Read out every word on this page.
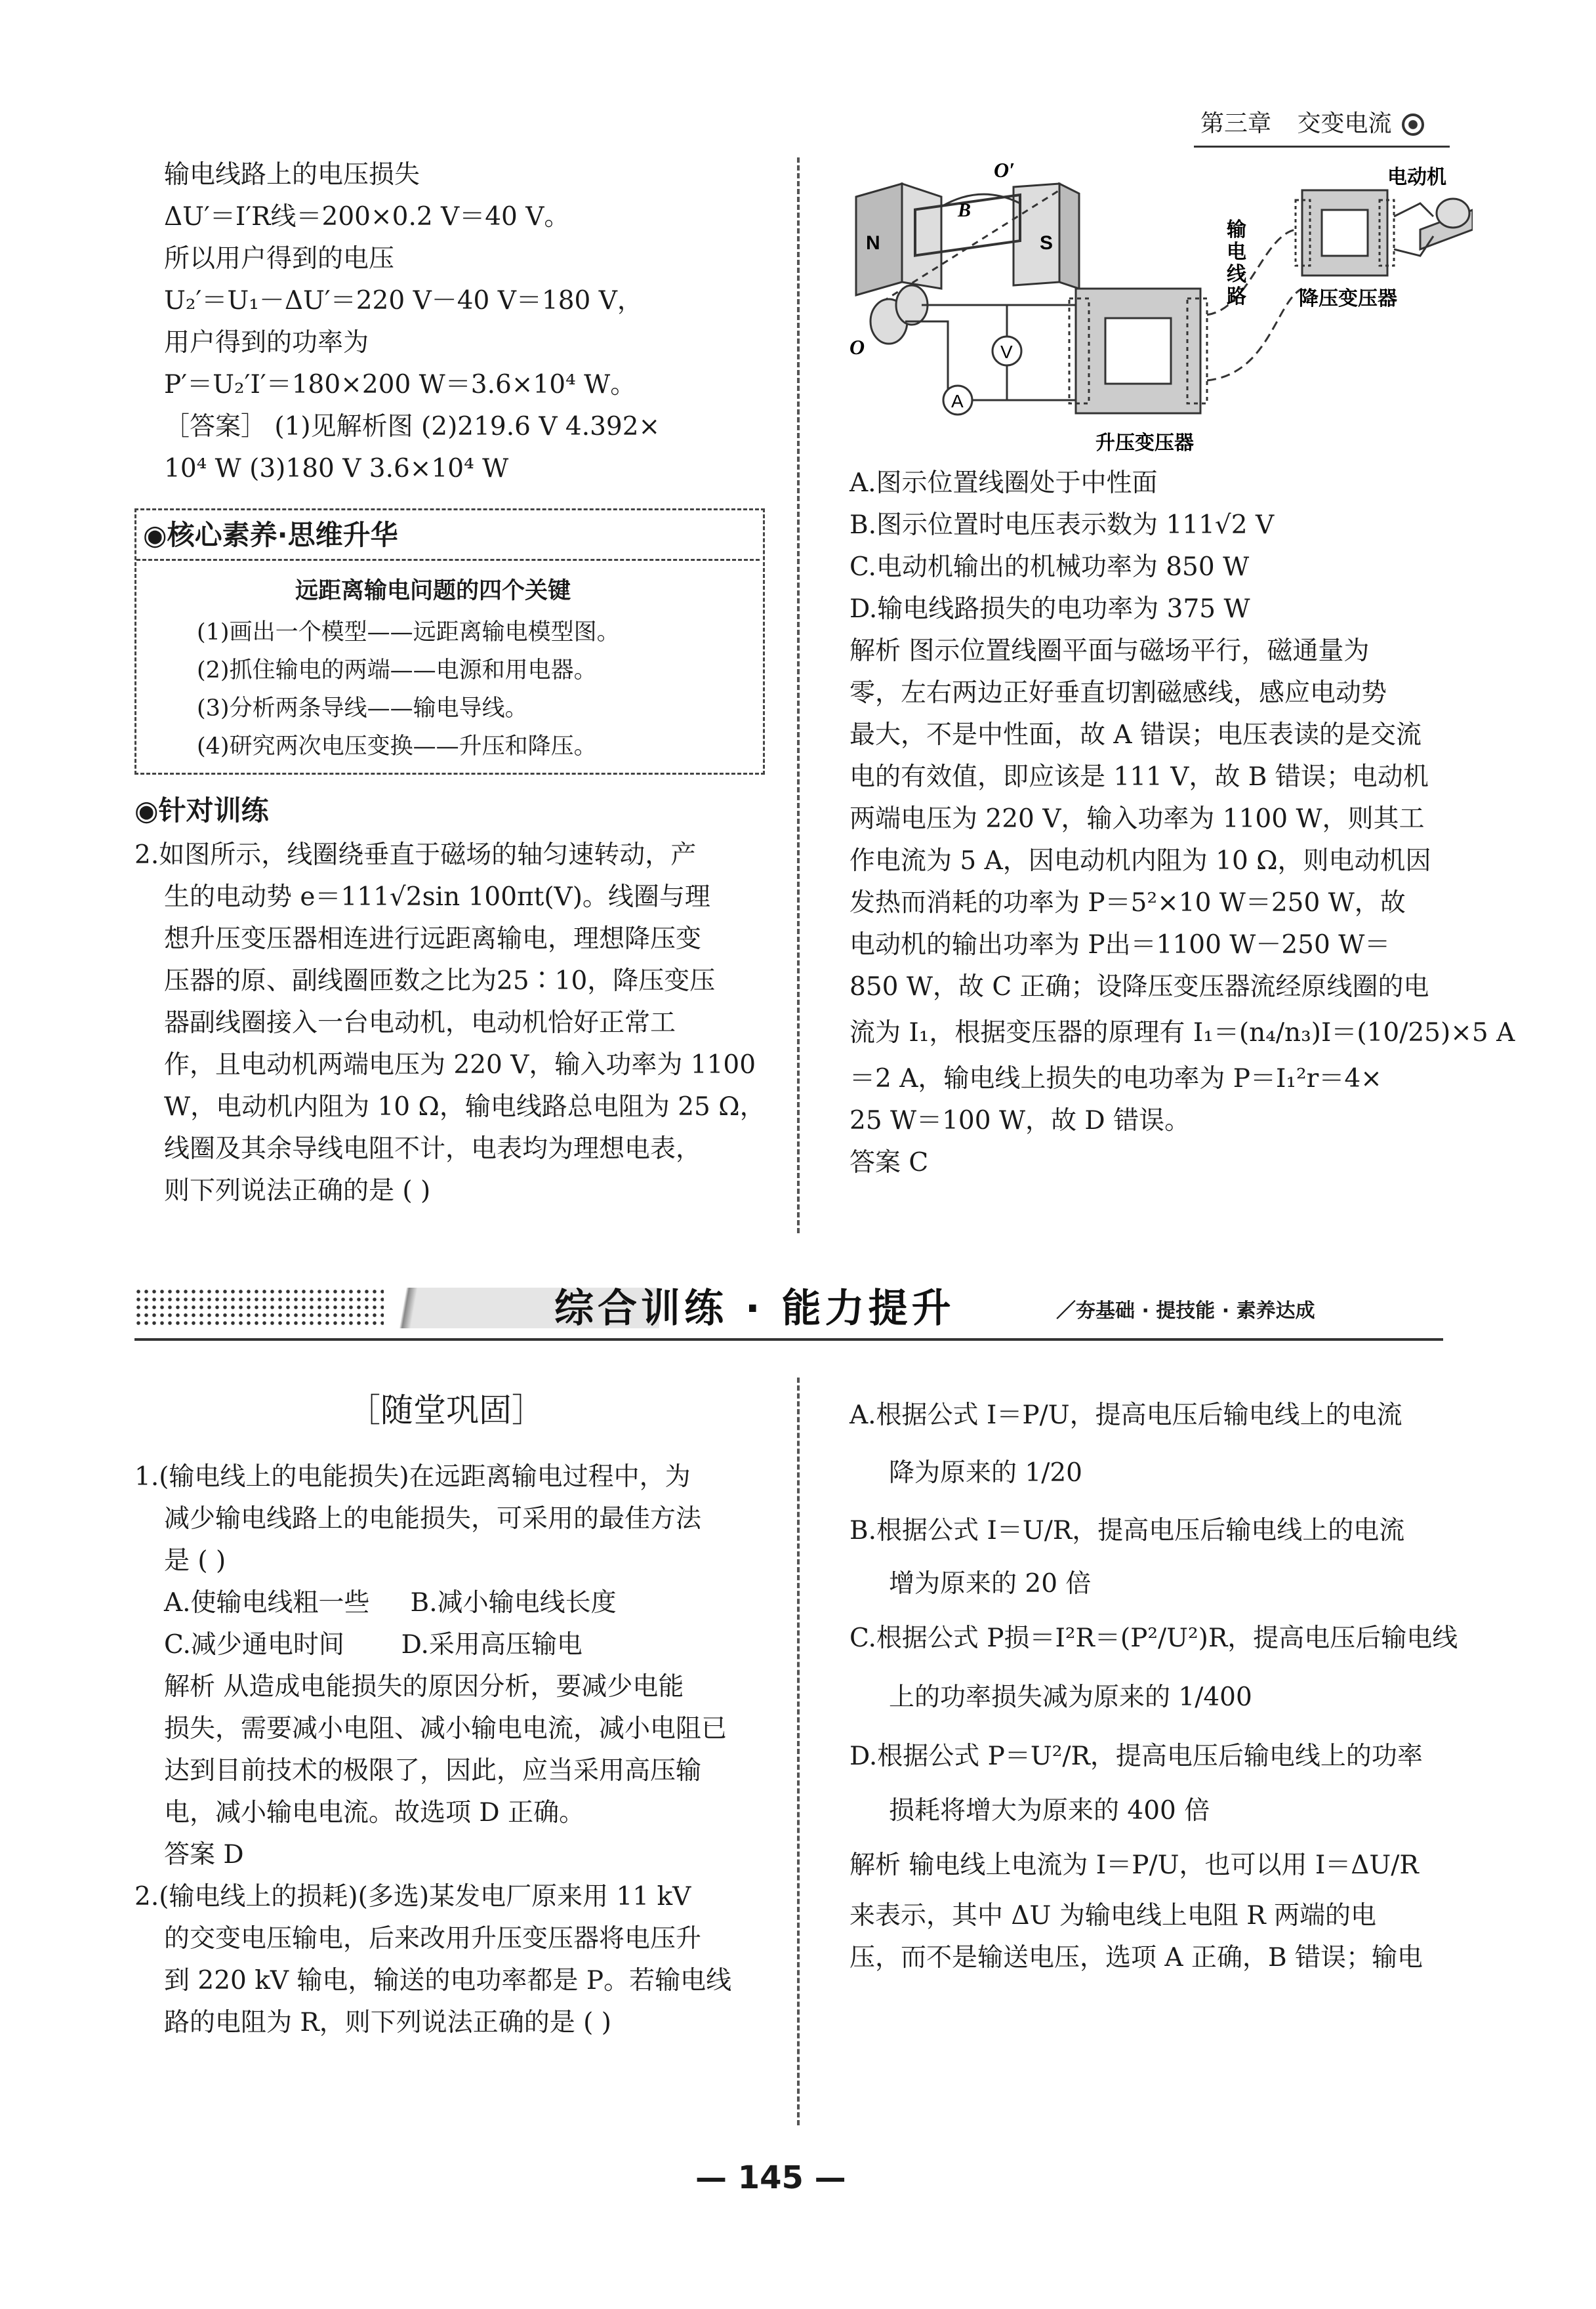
第三章 交变电流
输电线路上的电压损失
ΔU′＝I′R线＝200×0.2 V＝40 V。
所以用户得到的电压
U₂′＝U₁－ΔU′＝220 V－40 V＝180 V，
用户得到的功率为
P′＝U₂′I′＝180×200 W＝3.6×10⁴ W。
［答案］ (1)见解析图 (2)219.6 V 4.392×
10⁴ W (3)180 V 3.6×10⁴ W
◉核心素养·思维升华
远距离输电问题的四个关键
(1)画出一个模型——远距离输电模型图。
(2)抓住输电的两端——电源和用电器。
(3)分析两条导线——输电导线。
(4)研究两次电压变换——升压和降压。
◉针对训练
2.如图所示，线圈绕垂直于磁场的轴匀速转动，产
生的电动势 e＝111√2sin 100πt(V)。线圈与理
想升压变压器相连进行远距离输电，理想降压变
压器的原、副线圈匝数之比为25∶10，降压变压
器副线圈接入一台电动机，电动机恰好正常工
作，且电动机两端电压为 220 V，输入功率为 1100
W，电动机内阻为 10 Ω，输电线路总电阻为 25 Ω，
线圈及其余导线电阻不计，电表均为理想电表，
则下列说法正确的是 ( )
N	S
B
O′
O	V
A
升压变压器
输 电 线 路	降压变压器
电动机
A.图示位置线圈处于中性面
B.图示位置时电压表示数为 111√2 V
C.电动机输出的机械功率为 850 W
D.输电线路损失的电功率为 375 W
解析 图示位置线圈平面与磁场平行，磁通量为
零，左右两边正好垂直切割磁感线，感应电动势
最大，不是中性面，故 A 错误；电压表读的是交流
电的有效值，即应该是 111 V，故 B 错误；电动机
两端电压为 220 V，输入功率为 1100 W，则其工
作电流为 5 A，因电动机内阻为 10 Ω，则电动机因
发热而消耗的功率为 P＝5²×10 W＝250 W，故
电动机的输出功率为 P出＝1100 W－250 W＝
850 W，故 C 正确；设降压变压器流经原线圈的电
流为 I₁，根据变压器的原理有 I₁＝(n₄/n₃)I＝(10/25)×5 A
＝2 A，输电线上损失的电功率为 P＝I₁²r＝4×
25 W＝100 W，故 D 错误。
答案 C
综合训练 · 能力提升	／夯基础 · 提技能 · 素养达成
［随堂巩固］
1.(输电线上的电能损失)在远距离输电过程中，为
减少输电线路上的电能损失，可采用的最佳方法
是 ( )
A.使输电线粗一些     B.减小输电线长度
C.减少通电时间       D.采用高压输电
解析 从造成电能损失的原因分析，要减少电能
损失，需要减小电阻、减小输电电流，减小电阻已
达到目前技术的极限了，因此，应当采用高压输
电，减小输电电流。故选项 D 正确。
答案 D
2.(输电线上的损耗)(多选)某发电厂原来用 11 kV
的交变电压输电，后来改用升压变压器将电压升
到 220 kV 输电，输送的电功率都是 P。若输电线
路的电阻为 R，则下列说法正确的是 ( )
A.根据公式 I＝P/U，提高电压后输电线上的电流
降为原来的 1/20
B.根据公式 I＝U/R，提高电压后输电线上的电流
增为原来的 20 倍
C.根据公式 P损＝I²R＝(P²/U²)R，提高电压后输电线
上的功率损失减为原来的 1/400
D.根据公式 P＝U²/R，提高电压后输电线上的功率
损耗将增大为原来的 400 倍
解析 输电线上电流为 I＝P/U，也可以用 I＝ΔU/R
来表示，其中 ΔU 为输电线上电阻 R 两端的电
压，而不是输送电压，选项 A 正确，B 错误；输电
— 145 —
